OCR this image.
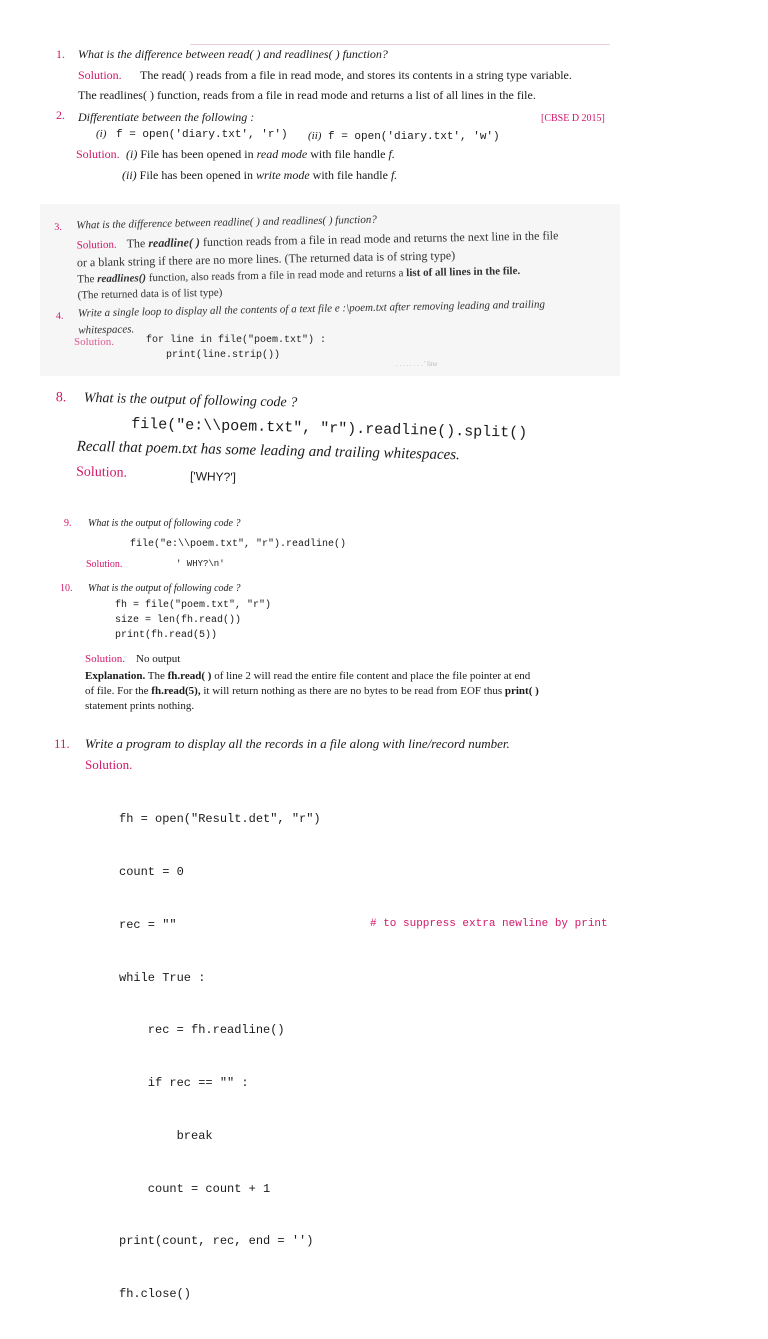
1. What is the difference between read( ) and readlines( ) function?
Solution. The read( ) reads from a file in read mode, and stores its contents in a string type variable.
The readlines( ) function, reads from a file in read mode and returns a list of all lines in the file.
2. Differentiate between the following :	[CBSE D 2015]
(i) f = open('diary.txt', 'r') (ii) f = open('diary.txt', 'w')
Solution. (i) File has been opened in read mode with file handle f.
(ii) File has been opened in write mode with file handle f.
3. What is the difference between readline( ) and readlines( ) function?
Solution. The readline( ) function reads from a file in read mode and returns the next line in the file
or a blank string if there are no more lines. (The returned data is of string type)
The readlines() function, also reads from a file in read mode and returns a list of all lines in the file.
(The returned data is of list type)
4. Write a single loop to display all the contents of a text file e :\poem.txt after removing leading and trailing
whitespaces.
Solution.	for line in file("poem.txt") :
print(line.strip())
. . . . . . . . ' line
8. What is the output of following code ?
file("e:\\poem.txt", "r").readline().split()
Recall that poem.txt has some leading and trailing whitespaces.
Solution.	['WHY?']
9. What is the output of following code ?
file("e:\\poem.txt", "r").readline()
Solution.	' WHY?\n'
10. What is the output of following code ?
fh = file("poem.txt", "r")
size = len(fh.read())
print(fh.read(5))
Solution. No output
Explanation. The fh.read( ) of line 2 will read the entire file content and place the file pointer at end
of file. For the fh.read(5), it will return nothing as there are no bytes to be read from EOF thus print( )
statement prints nothing.
11. Write a program to display all the records in a file along with line/record number.
Solution.

fh = open("Result.det", "r")

count = 0

rec = ""

while True :

rec = fh.readline()

if rec == "" :

break

count = count + 1

print(count, rec, end = '')

fh.close()

# to suppress extra newline by print
